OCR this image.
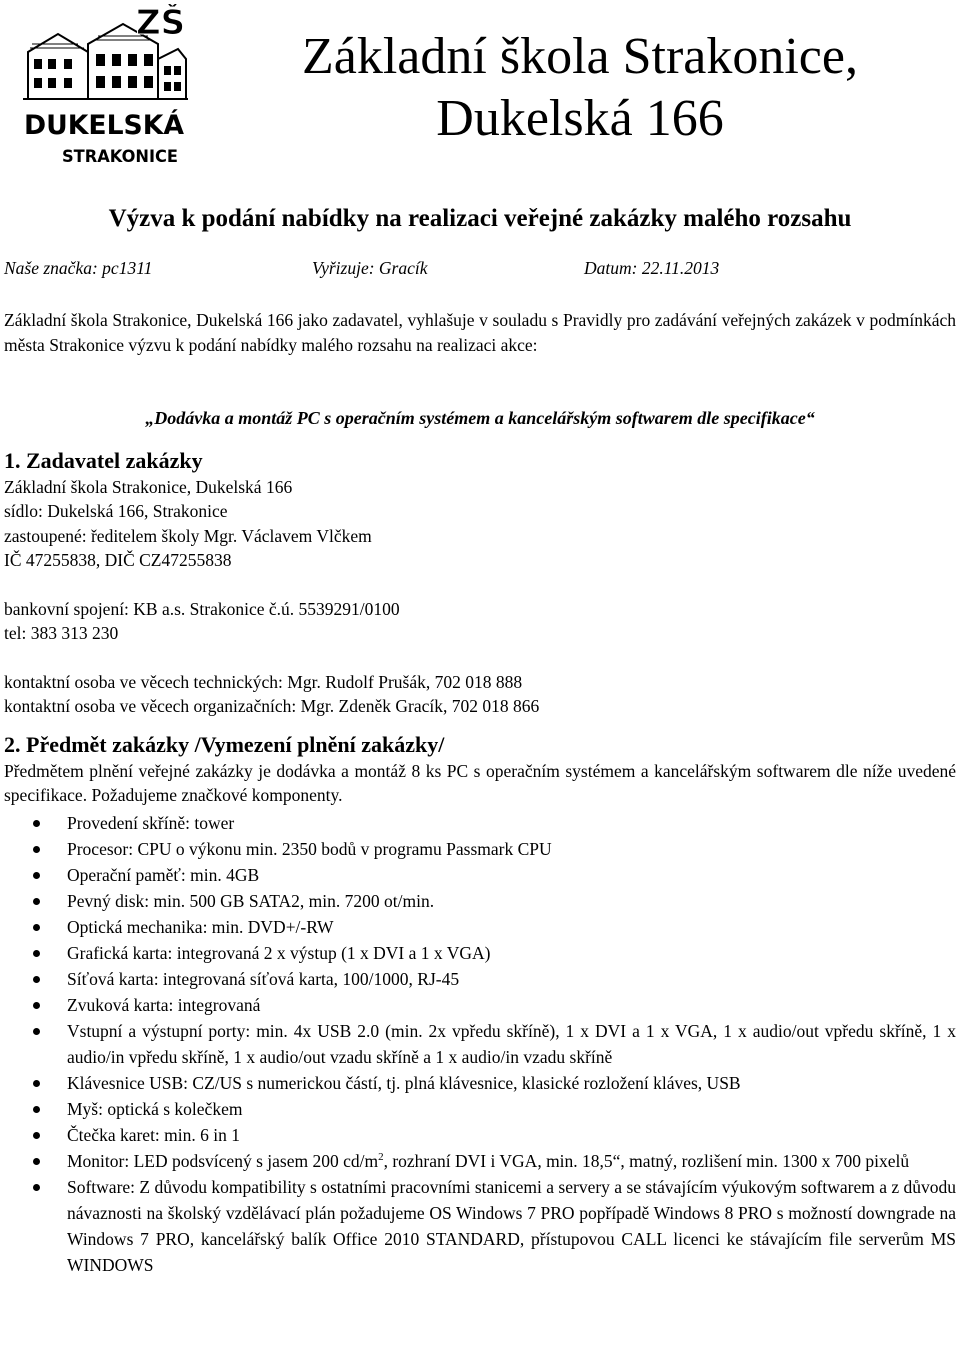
ZŠ
DUKELSKÁ
STRAKONICE
Základní škola Strakonice,
Dukelská 166

Výzva k podání nabídky na realizaci veřejné zakázky malého rozsahu

Naše značka: pc1311	Vyřizuje: Gracík	Datum: 22.11.2013

Základní škola Strakonice, Dukelská 166 jako zadavatel, vyhlašuje v souladu s Pravidly pro zadávání veřejných zakázek v podmínkách města Strakonice výzvu k podání nabídky malého rozsahu na realizaci akce:

„Dodávka a montáž PC s operačním systémem a kancelářským softwarem dle specifikace“

1. Zadavatel zakázky

Základní škola Strakonice, Dukelská 166

sídlo: Dukelská 166, Strakonice

zastoupené: ředitelem školy Mgr. Václavem Vlčkem

IČ 47255838, DIČ CZ47255838

bankovní spojení: KB a.s. Strakonice č.ú. 5539291/0100

tel: 383 313 230

kontaktní osoba ve věcech technických: Mgr. Rudolf Prušák, 702 018 888

kontaktní osoba ve věcech organizačních: Mgr. Zdeněk Gracík, 702 018 866

2. Předmět zakázky /Vymezení plnění zakázky/

Předmětem plnění veřejné zakázky je dodávka a montáž 8 ks PC s operačním systémem a kancelářským softwarem dle níže uvedené specifikace. Požadujeme značkové komponenty.

Provedení skříně: tower
Procesor: CPU o výkonu min. 2350 bodů v programu Passmark CPU
Operační paměť: min. 4GB
Pevný disk: min. 500 GB SATA2, min. 7200 ot/min.
Optická mechanika: min. DVD+/-RW
Grafická karta: integrovaná 2 x výstup (1 x DVI a 1 x VGA)
Síťová karta: integrovaná síťová karta, 100/1000, RJ-45
Zvuková karta: integrovaná
Vstupní a výstupní porty: min. 4x USB 2.0 (min. 2x vpředu skříně), 1 x DVI a 1 x VGA, 1 x audio/out vpředu skříně, 1 x audio/in vpředu skříně, 1 x audio/out vzadu skříně a 1 x audio/in vzadu skříně
Klávesnice USB: CZ/US s numerickou částí, tj. plná klávesnice, klasické rozložení kláves, USB
Myš: optická s kolečkem
Čtečka karet: min. 6 in 1
Monitor: LED podsvícený s jasem 200 $cd/m^2$, rozhraní DVI i VGA, min. 18,5“, matný, rozlišení min. 1300 x 700 pixelů
Software: Z důvodu kompatibility s ostatními pracovními stanicemi a servery a se stávajícím výukovým softwarem a z důvodu návaznosti na školský vzdělávací plán požadujeme OS Windows 7 PRO popřípadě Windows 8 PRO s možností downgrade na Windows 7 PRO, kancelářský balík Office 2010 STANDARD, přístupovou CALL licenci ke stávajícím file serverům MS WINDOWS
